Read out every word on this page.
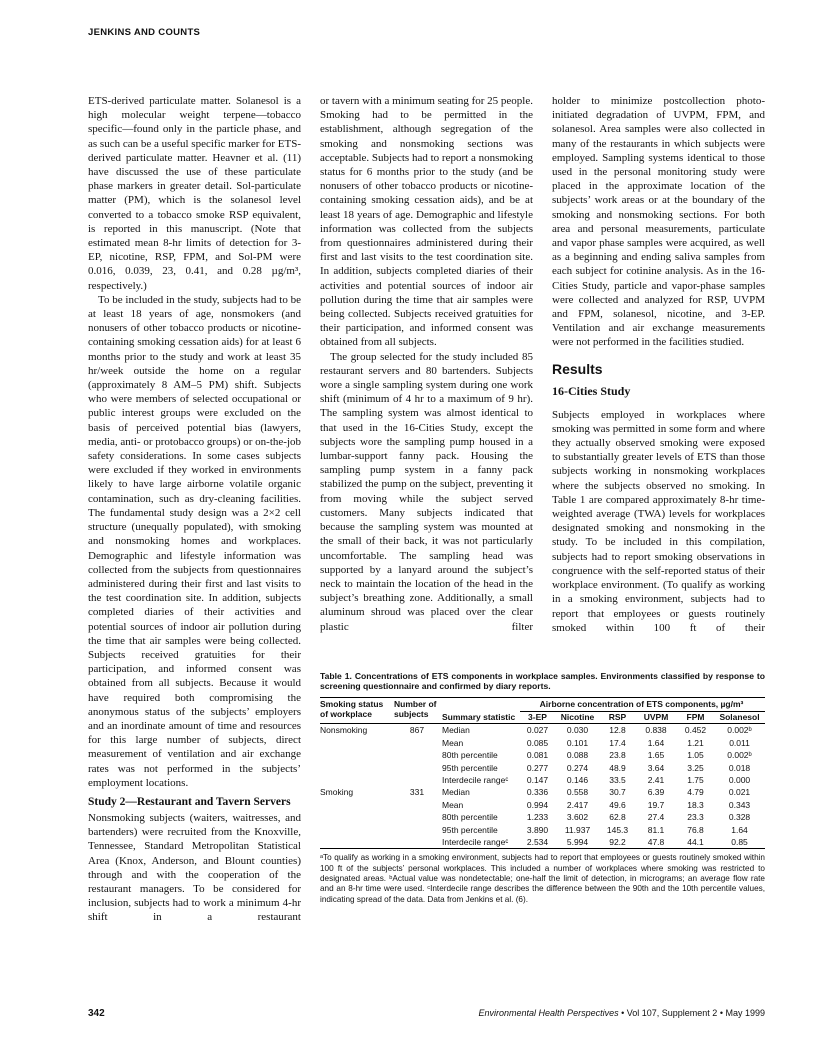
JENKINS AND COUNTS

ETS-derived particulate matter. Solanesol is a high molecular weight terpene—tobacco specific—found only in the particle phase, and as such can be a useful specific marker for ETS-derived particulate matter. Heavner et al. (11) have discussed the use of these particulate phase markers in greater detail. Sol-particulate matter (PM), which is the solanesol level converted to a tobacco smoke RSP equivalent, is reported in this manuscript. (Note that estimated mean 8-hr limits of detection for 3-EP, nicotine, RSP, FPM, and Sol-PM were 0.016, 0.039, 23, 0.41, and 0.28 µg/m³, respectively.)

To be included in the study, subjects had to be at least 18 years of age, nonsmokers (and nonusers of other tobacco products or nicotine-containing smoking cessation aids) for at least 6 months prior to the study and work at least 35 hr/week outside the home on a regular (approximately 8 AM–5 PM) shift. Subjects who were members of selected occupational or public interest groups were excluded on the basis of perceived potential bias (lawyers, media, anti- or protobacco groups) or on-the-job safety considerations. In some cases subjects were excluded if they worked in environments likely to have large airborne volatile organic contamination, such as dry-cleaning facilities. The fundamental study design was a 2×2 cell structure (unequally populated), with smoking and nonsmoking homes and workplaces. Demographic and lifestyle information was collected from the subjects from questionnaires administered during their first and last visits to the test coordination site. In addition, subjects completed diaries of their activities and potential sources of indoor air pollution during the time that air samples were being collected. Subjects received gratuities for their participation, and informed consent was obtained from all subjects. Because it would have required both compromising the anonymous status of the subjects’ employers and an inordinate amount of time and resources for this large number of subjects, direct measurement of ventilation and air exchange rates was not performed in the subjects’ employment locations.

Study 2—Restaurant and Tavern Servers

Nonsmoking subjects (waiters, waitresses, and bartenders) were recruited from the Knoxville, Tennessee, Standard Metropolitan Statistical Area (Knox, Anderson, and Blount counties) through and with the cooperation of the restaurant managers. To be considered for inclusion, subjects had to work a minimum 4-hr shift in a restaurant

or tavern with a minimum seating for 25 people. Smoking had to be permitted in the establishment, although segregation of the smoking and nonsmoking sections was acceptable. Subjects had to report a nonsmoking status for 6 months prior to the study (and be nonusers of other tobacco products or nicotine-containing smoking cessation aids), and be at least 18 years of age. Demographic and lifestyle information was collected from the subjects from questionnaires administered during their first and last visits to the test coordination site. In addition, subjects completed diaries of their activities and potential sources of indoor air pollution during the time that air samples were being collected. Subjects received gratuities for their participation, and informed consent was obtained from all subjects.

The group selected for the study included 85 restaurant servers and 80 bartenders. Subjects wore a single sampling system during one work shift (minimum of 4 hr to a maximum of 9 hr). The sampling system was almost identical to that used in the 16-Cities Study, except the subjects wore the sampling pump housed in a lumbar-support fanny pack. Housing the sampling pump system in a fanny pack stabilized the pump on the subject, preventing it from moving while the subject served customers. Many subjects indicated that because the sampling system was mounted at the small of their back, it was not particularly uncomfortable. The sampling head was supported by a lanyard around the subject’s neck to maintain the location of the head in the subject’s breathing zone. Additionally, a small aluminum shroud was placed over the clear plastic filter

holder to minimize postcollection photo-initiated degradation of UVPM, FPM, and solanesol. Area samples were also collected in many of the restaurants in which subjects were employed. Sampling systems identical to those used in the personal monitoring study were placed in the approximate location of the subjects’ work areas or at the boundary of the smoking and nonsmoking sections. For both area and personal measurements, particulate and vapor phase samples were acquired, as well as a beginning and ending saliva samples from each subject for cotinine analysis. As in the 16-Cities Study, particle and vapor-phase samples were collected and analyzed for RSP, UVPM and FPM, solanesol, nicotine, and 3-EP. Ventilation and air exchange measurements were not performed in the facilities studied.

Results
16-Cities Study

Subjects employed in workplaces where smoking was permitted in some form and where they actually observed smoking were exposed to substantially greater levels of ETS than those subjects working in nonsmoking workplaces where the subjects observed no smoking. In Table 1 are compared approximately 8-hr time-weighted average (TWA) levels for workplaces designated smoking and nonsmoking in the study. To be included in this compilation, subjects had to report smoking observations in congruence with the self-reported status of their workplace environment. (To qualify as working in a smoking environment, subjects had to report that employees or guests routinely smoked within 100 ft of their

Table 1. Concentrations of ETS components in workplace samples. Environments classified by response to screening questionnaire and confirmed by diary reports.

Smoking status of workplace	Number of subjects	Summary statistic	Airborne concentration of ETS components, µg/m³					
			3-EP	Nicotine	RSP	UVPM	FPM	Solanesol
Nonsmoking	867	Median	0.027	0.030	12.8	0.838	0.452	0.002ᵇ
		Mean	0.085	0.101	17.4	1.64	1.21	0.011
		80th percentile	0.081	0.088	23.8	1.65	1.05	0.002ᵇ
		95th percentile	0.277	0.274	48.9	3.64	3.25	0.018
		Interdecile rangeᶜ	0.147	0.146	33.5	2.41	1.75	0.000
Smoking	331	Median	0.336	0.558	30.7	6.39	4.79	0.021
		Mean	0.994	2.417	49.6	19.7	18.3	0.343
		80th percentile	1.233	3.602	62.8	27.4	23.3	0.328
		95th percentile	3.890	11.937	145.3	81.1	76.8	1.64
		Interdecile rangeᶜ	2.534	5.994	92.2	47.8	44.1	0.85

ᵃTo qualify as working in a smoking environment, subjects had to report that employees or guests routinely smoked within 100 ft of the subjects’ personal workplaces. This included a number of workplaces where smoking was restricted to designated areas. ᵇActual value was nondetectable; one-half the limit of detection, in micrograms; an average flow rate and an 8-hr time were used. ᶜInterdecile range describes the difference between the 90th and the 10th percentile values, indicating spread of the data. Data from Jenkins et al. (6).

342	Environmental Health Perspectives • Vol 107, Supplement 2 • May 1999
